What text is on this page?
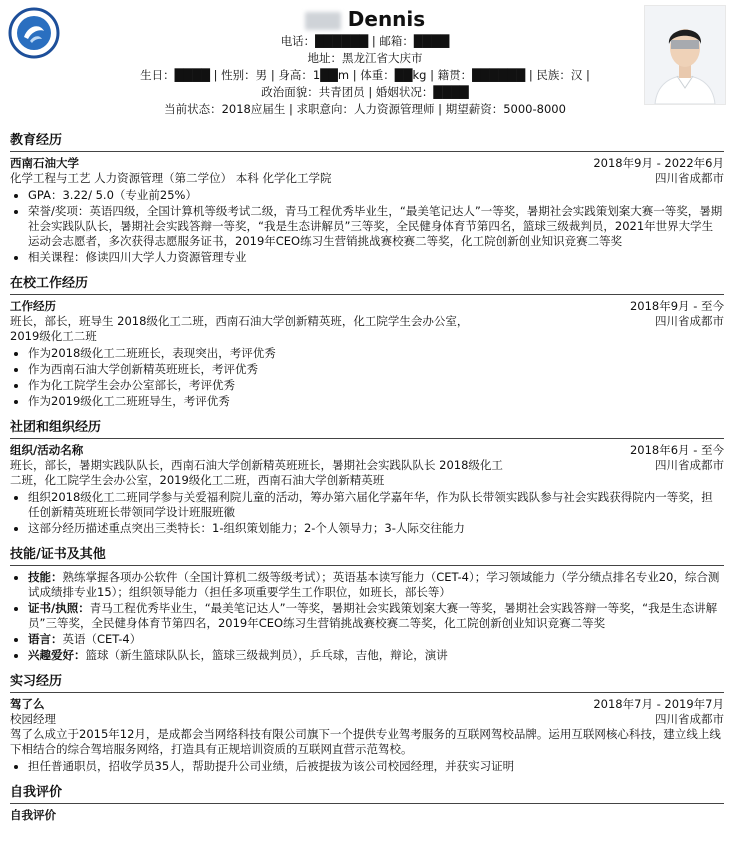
Dennis
电话：██████ | 邮箱：████
地址：黑龙江省大庆市
生日：████ | 性别：男 | 身高：1██m | 体重：██kg | 籍贯：██████ | 民族：汉 |
政治面貌：共青团员 | 婚姻状况：████
当前状态：2018应届生 | 求职意向：人力资源管理师 | 期望薪资：5000-8000
教育经历
西南石油大学	2018年9月 - 2022年6月
化学工程与工艺 人力资源管理（第二学位） 本科 化学化工学院	四川省成都市
• GPA：3.22/ 5.0（专业前25%）
• 荣誉/奖项：英语四级，全国计算机等级考试二级，青马工程优秀毕业生，“最美笔记达人”一等奖，暑期社会实践策划案大赛一等奖，暑期社会实践队队长，暑期社会实践答辩一等奖，“我是生态讲解员”三等奖，全民健身体育节第四名，篮球三级裁判员，2021年世界大学生运动会志愿者，多次获得志愿服务证书，2019年CEO练习生营销挑战赛校赛二等奖，化工院创新创业知识竞赛二等奖
• 相关课程：修读四川大学人力资源管理专业
在校工作经历
工作经历	2018年9月 - 至今
班长，部长，班导生 2018级化工二班，西南石油大学创新精英班，化工院学生会办公室，2019级化工二班
四川省成都市
• 作为2018级化工二班班长，表现突出，考评优秀
• 作为西南石油大学创新精英班班长，考评优秀
• 作为化工院学生会办公室部长，考评优秀
• 作为2019级化工二班班导生，考评优秀
社团和组织经历
组织/活动名称	2018年6月 - 至今
班长，部长，暑期实践队队长，西南石油大学创新精英班班长，暑期社会实践队队长 2018级化工二班，化工院学生会办公室，2019级化工二班，西南石油大学创新精英班
四川省成都市
• 组织2018级化工二班同学参与关爱福利院儿童的活动，筹办第六届化学嘉年华，作为队长带领实践队参与社会实践获得院内一等奖，担任创新精英班班长带领同学设计班服班徽
• 这部分经历描述重点突出三类特长：1-组织策划能力；2-个人领导力；3-人际交往能力
技能/证书及其他
• 技能：熟练掌握各项办公软件（全国计算机二级等级考试）；英语基本读写能力（CET-4）；学习领域能力（学分绩点排名专业20，综合测试成绩排专业15）；组织领导能力（担任多项重要学生工作职位，如班长，部长等）
• 证书/执照：青马工程优秀毕业生，“最美笔记达人”一等奖，暑期社会实践策划案大赛一等奖，暑期社会实践答辩一等奖，“我是生态讲解员”三等奖，全民健身体育节第四名，2019年CEO练习生营销挑战赛校赛二等奖，化工院创新创业知识竞赛二等奖
• 语言：英语（CET-4）
• 兴趣爱好：篮球（新生篮球队队长，篮球三级裁判员），乒乓球，吉他，辩论，演讲
实习经历
驾了么	2018年7月 - 2019年7月
校园经理	四川省成都市
驾了么成立于2015年12月，是成都会当网络科技有限公司旗下一个提供专业驾考服务的互联网驾校品牌。运用互联网核心科技，建立线上线下相结合的综合驾培服务网络，打造具有正规培训资质的互联网直营示范驾校。
• 担任普通职员，招收学员35人，帮助提升公司业绩，后被提拔为该公司校园经理，并获实习证明
自我评价
自我评价
